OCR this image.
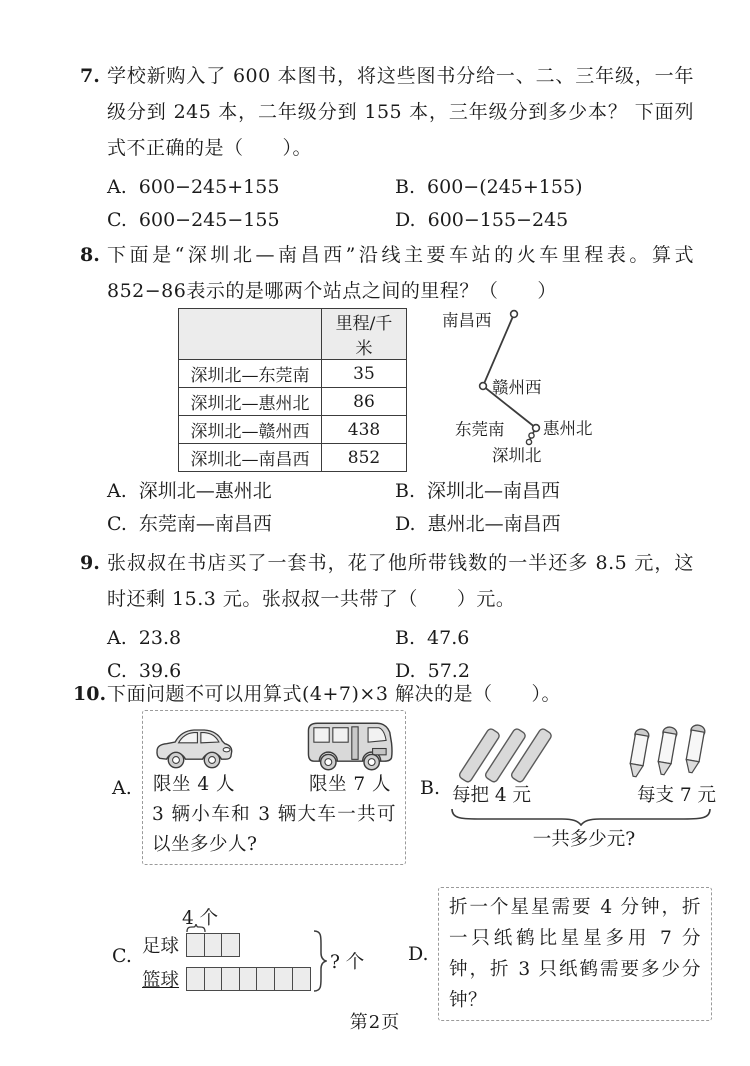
7. 学校新购入了 600 本图书，将这些图书分给一、二、三年级，一年级分到 245 本，二年级分到 155 本，三年级分到多少本？ 下面列式不正确的是（　　）。

A. 600−245+155	B. 600−(245+155)
C. 600−245−155	D. 600−155−245
8. 下面是“深圳北—南昌西”沿线主要车站的火车里程表。算式 852−86表示的是哪两个站点之间的里程？（　　）

	里程/千米
深圳北—东莞南	35
深圳北—惠州北	86
深圳北—赣州西	438
深圳北—南昌西	852
南昌西
赣州西
东莞南 惠州北
深圳北
A. 深圳北—惠州北	B. 深圳北—南昌西
C. 东莞南—南昌西	D. 惠州北—南昌西
9. 张叔叔在书店买了一套书，花了他所带钱数的一半还多 8.5 元，这时还剩 15.3 元。张叔叔一共带了（　　）元。

A. 23.8	B. 47.6
C. 39.6	D. 57.2
10. 下面问题不可以用算式(4+7)×3 解决的是（　　）。

A.	限坐 4 人	限坐 7 人
3 辆小车和 3 辆大车一共可以坐多少人?
B. 每把 4 元	每支 7 元
一共多少元?
C.
4 个
足球
篮球
? 个 D.
折一个星星需要 4 分钟，折一只纸鹤比星星多用 7 分钟，折 3 只纸鹤需要多少分钟？
第2页
